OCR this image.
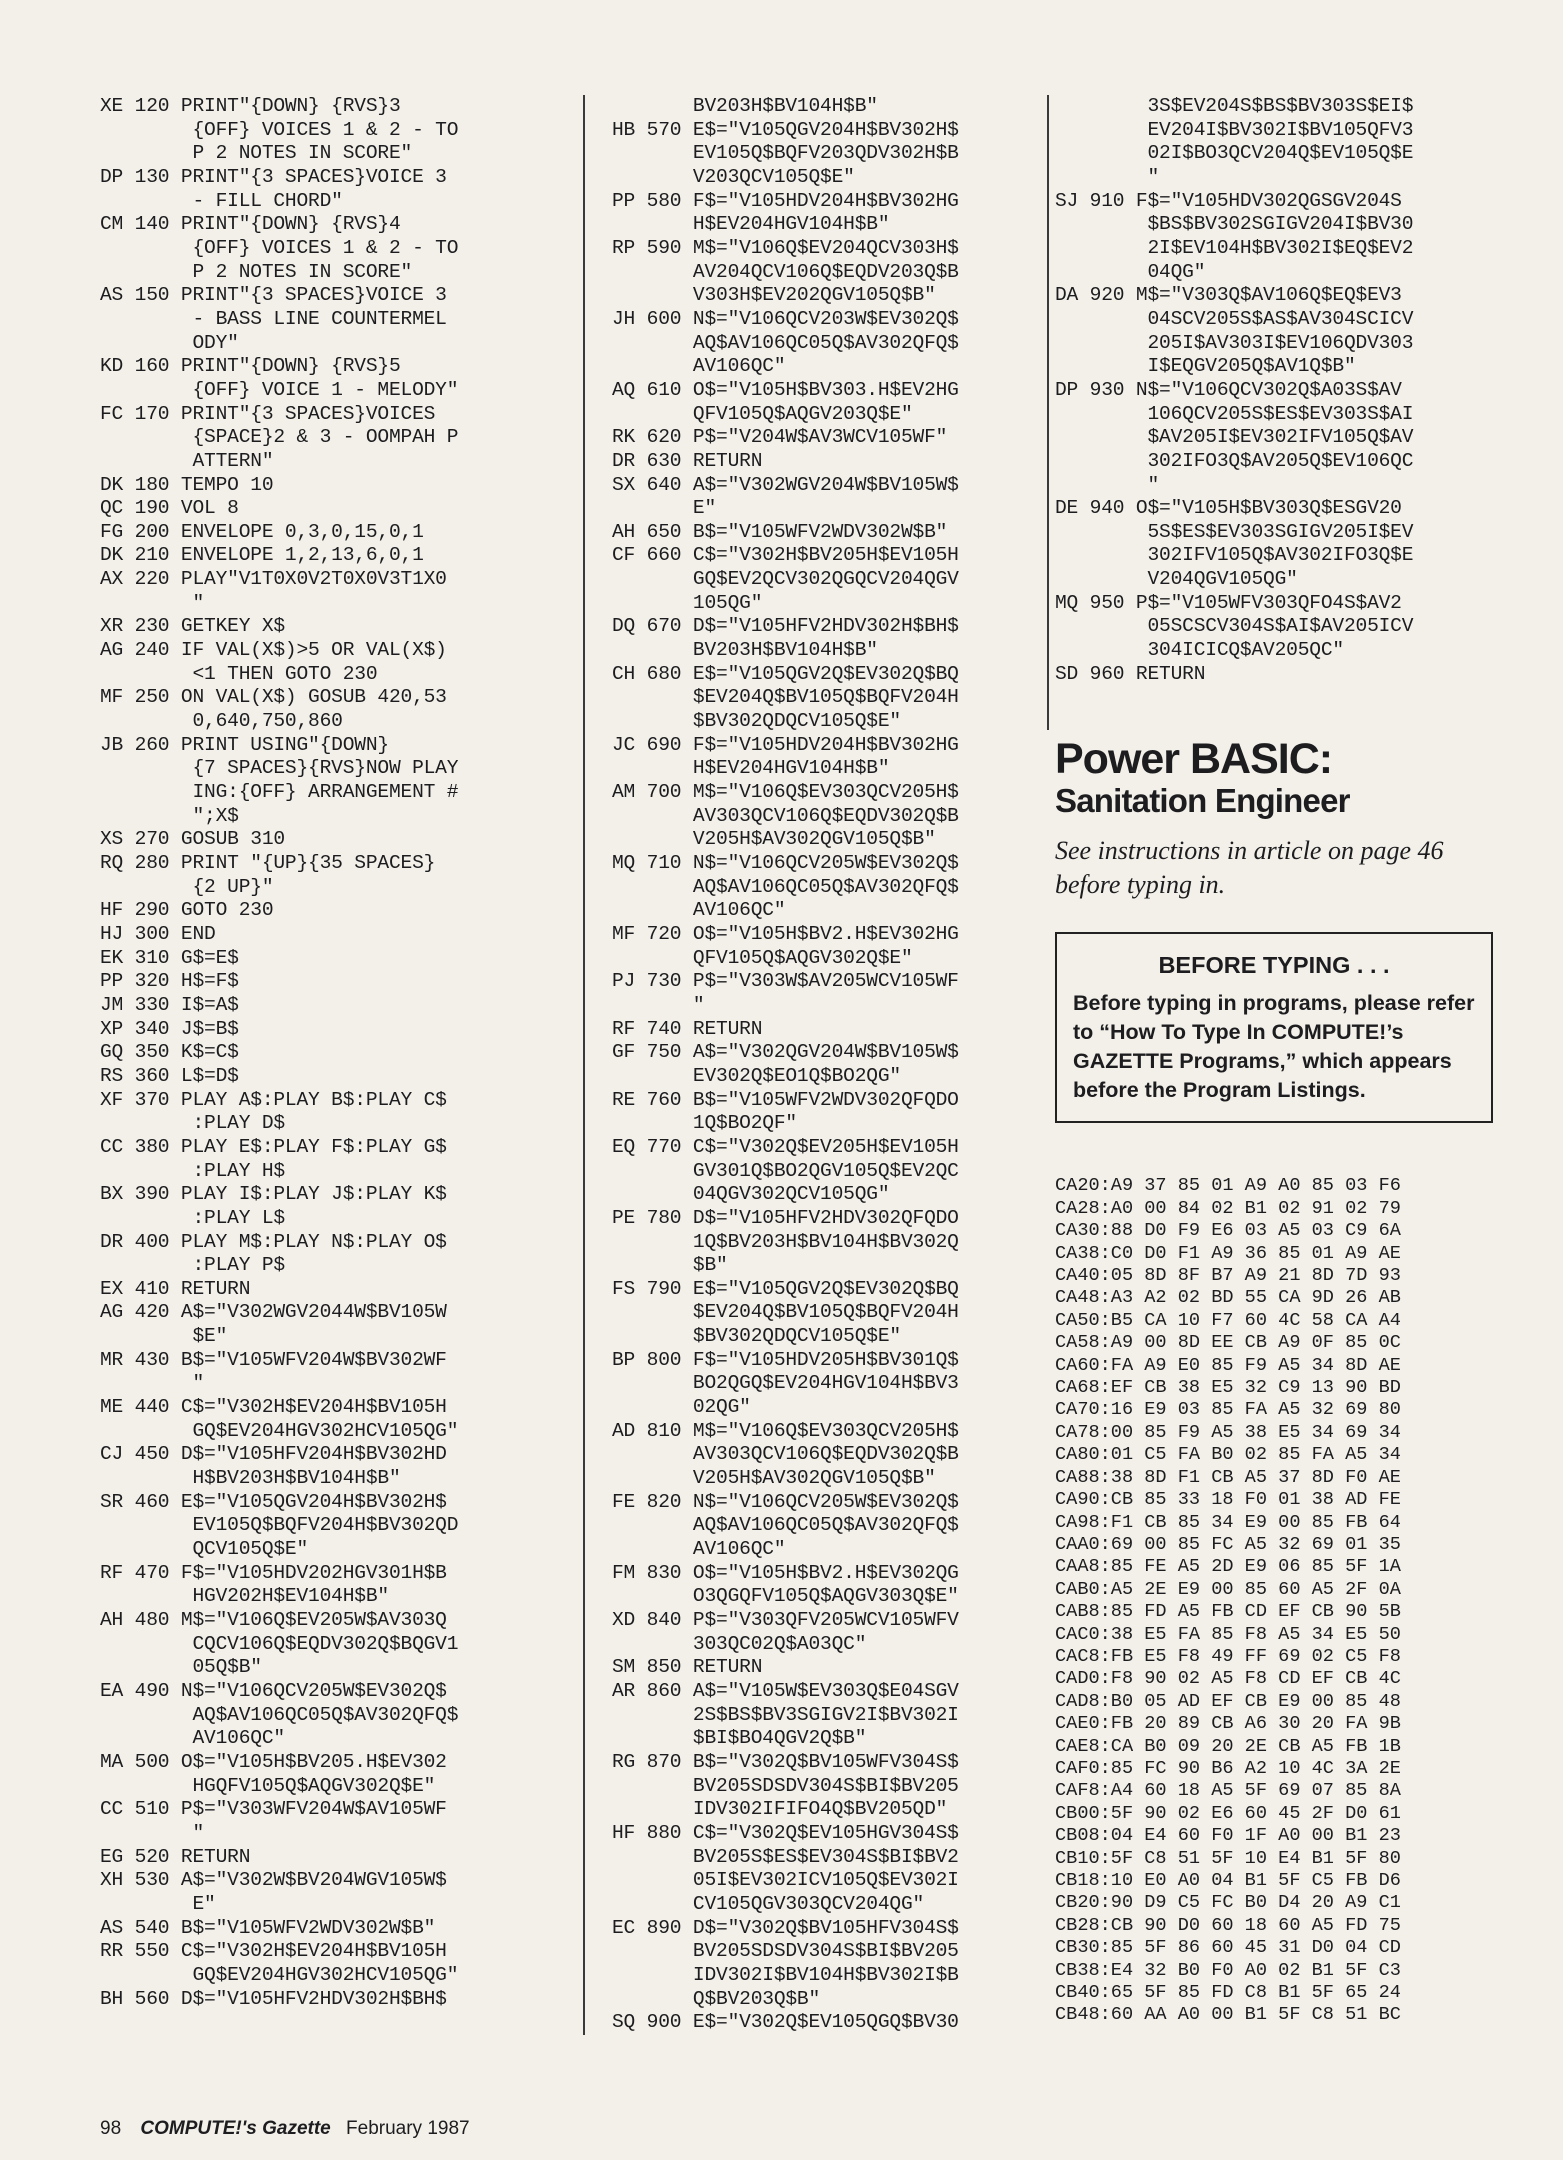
XE 120 PRINT"{DOWN} {RVS}3
{OFF} VOICES 1 & 2 - TO
P 2 NOTES IN SCORE"
DP 130 PRINT"{3 SPACES}VOICE 3
- FILL CHORD"
CM 140 PRINT"{DOWN} {RVS}4
{OFF} VOICES 1 & 2 - TO
P 2 NOTES IN SCORE"
AS 150 PRINT"{3 SPACES}VOICE 3
- BASS LINE COUNTERMEL
ODY"
KD 160 PRINT"{DOWN} {RVS}5
{OFF} VOICE 1 - MELODY"
FC 170 PRINT"{3 SPACES}VOICES
{SPACE}2 & 3 - OOMPAH P
ATTERN"
DK 180 TEMPO 10
QC 190 VOL 8
FG 200 ENVELOPE 0,3,0,15,0,1
DK 210 ENVELOPE 1,2,13,6,0,1
AX 220 PLAY"V1T0X0V2T0X0V3T1X0
"
XR 230 GETKEY X$
AG 240 IF VAL(X$)>5 OR VAL(X$)
<1 THEN GOTO 230
MF 250 ON VAL(X$) GOSUB 420,53
0,640,750,860
JB 260 PRINT USING"{DOWN}
{7 SPACES}{RVS}NOW PLAY
ING:{OFF} ARRANGEMENT #
";X$
XS 270 GOSUB 310
RQ 280 PRINT "{UP}{35 SPACES}
{2 UP}"
HF 290 GOTO 230
HJ 300 END
EK 310 G$=E$
PP 320 H$=F$
JM 330 I$=A$
XP 340 J$=B$
GQ 350 K$=C$
RS 360 L$=D$
XF 370 PLAY A$:PLAY B$:PLAY C$
:PLAY D$
CC 380 PLAY E$:PLAY F$:PLAY G$
:PLAY H$
BX 390 PLAY I$:PLAY J$:PLAY K$
:PLAY L$
DR 400 PLAY M$:PLAY N$:PLAY O$
:PLAY P$
EX 410 RETURN
AG 420 A$="V302WGV2044W$BV105W
$E"
MR 430 B$="V105WFV204W$BV302WF
"
ME 440 C$="V302H$EV204H$BV105H
GQ$EV204HGV302HCV105QG"
CJ 450 D$="V105HFV204H$BV302HD
H$BV203H$BV104H$B"
SR 460 E$="V105QGV204H$BV302H$
EV105Q$BQFV204H$BV302QD
QCV105Q$E"
RF 470 F$="V105HDV202HGV301H$B
HGV202H$EV104H$B"
AH 480 M$="V106Q$EV205W$AV303Q
CQCV106Q$EQDV302Q$BQGV1
05Q$B"
EA 490 N$="V106QCV205W$EV302Q$
AQ$AV106QC05Q$AV302QFQ$
AV106QC"
MA 500 O$="V105H$BV205.H$EV302
HGQFV105Q$AQGV302Q$E"
CC 510 P$="V303WFV204W$AV105WF
"
EG 520 RETURN
XH 530 A$="V302W$BV204WGV105W$
E"
AS 540 B$="V105WFV2WDV302W$B"
RR 550 C$="V302H$EV204H$BV105H
GQ$EV204HGV302HCV105QG"
BH 560 D$="V105HFV2HDV302H$BH$
BV203H$BV104H$B"
HB 570 E$="V105QGV204H$BV302H$
EV105Q$BQFV203QDV302H$B
V203QCV105Q$E"
PP 580 F$="V105HDV204H$BV302HG
H$EV204HGV104H$B"
RP 590 M$="V106Q$EV204QCV303H$
AV204QCV106Q$EQDV203Q$B
V303H$EV202QGV105Q$B"
JH 600 N$="V106QCV203W$EV302Q$
AQ$AV106QC05Q$AV302QFQ$
AV106QC"
AQ 610 O$="V105H$BV303.H$EV2HG
QFV105Q$AQGV203Q$E"
RK 620 P$="V204W$AV3WCV105WF"
DR 630 RETURN
SX 640 A$="V302WGV204W$BV105W$
E"
AH 650 B$="V105WFV2WDV302W$B"
CF 660 C$="V302H$BV205H$EV105H
GQ$EV2QCV302QGQCV204QGV
105QG"
DQ 670 D$="V105HFV2HDV302H$BH$
BV203H$BV104H$B"
CH 680 E$="V105QGV2Q$EV302Q$BQ
$EV204Q$BV105Q$BQFV204H
$BV302QDQCV105Q$E"
JC 690 F$="V105HDV204H$BV302HG
H$EV204HGV104H$B"
AM 700 M$="V106Q$EV303QCV205H$
AV303QCV106Q$EQDV302Q$B
V205H$AV302QGV105Q$B"
MQ 710 N$="V106QCV205W$EV302Q$
AQ$AV106QC05Q$AV302QFQ$
AV106QC"
MF 720 O$="V105H$BV2.H$EV302HG
QFV105Q$AQGV302Q$E"
PJ 730 P$="V303W$AV205WCV105WF
"
RF 740 RETURN
GF 750 A$="V302QGV204W$BV105W$
EV302Q$EO1Q$BO2QG"
RE 760 B$="V105WFV2WDV302QFQDO
1Q$BO2QF"
EQ 770 C$="V302Q$EV205H$EV105H
GV301Q$BO2QGV105Q$EV2QC
04QGV302QCV105QG"
PE 780 D$="V105HFV2HDV302QFQDO
1Q$BV203H$BV104H$BV302Q
$B"
FS 790 E$="V105QGV2Q$EV302Q$BQ
$EV204Q$BV105Q$BQFV204H
$BV302QDQCV105Q$E"
BP 800 F$="V105HDV205H$BV301Q$
BO2QGQ$EV204HGV104H$BV3
02QG"
AD 810 M$="V106Q$EV303QCV205H$
AV303QCV106Q$EQDV302Q$B
V205H$AV302QGV105Q$B"
FE 820 N$="V106QCV205W$EV302Q$
AQ$AV106QC05Q$AV302QFQ$
AV106QC"
FM 830 O$="V105H$BV2.H$EV302QG
O3QGQFV105Q$AQGV303Q$E"
XD 840 P$="V303QFV205WCV105WFV
303QC02Q$A03QC"
SM 850 RETURN
AR 860 A$="V105W$EV303Q$E04SGV
2S$BS$BV3SGIGV2I$BV302I
$BI$BO4QGV2Q$B"
RG 870 B$="V302Q$BV105WFV304S$
BV205SDSDV304S$BI$BV205
IDV302IFIFO4Q$BV205QD"
HF 880 C$="V302Q$EV105HGV304S$
BV205S$ES$EV304S$BI$BV2
05I$EV302ICV105Q$EV302I
CV105QGV303QCV204QG"
EC 890 D$="V302Q$BV105HFV304S$
BV205SDSDV304S$BI$BV205
IDV302I$BV104H$BV302I$B
Q$BV203Q$B"
SQ 900 E$="V302Q$EV105QGQ$BV30
3S$EV204S$BS$BV303S$EI$
EV204I$BV302I$BV105QFV3
02I$BO3QCV204Q$EV105Q$E
"
SJ 910 F$="V105HDV302QGSGV204S
$BS$BV302SGIGV204I$BV30
2I$EV104H$BV302I$EQ$EV2
04QG"
DA 920 M$="V303Q$AV106Q$EQ$EV3
04SCV205S$AS$AV304SCICV
205I$AV303I$EV106QDV303
I$EQGV205Q$AV1Q$B"
DP 930 N$="V106QCV302Q$A03S$AV
106QCV205S$ES$EV303S$AI
$AV205I$EV302IFV105Q$AV
302IFO3Q$AV205Q$EV106QC
"
DE 940 O$="V105H$BV303Q$ESGV20
5S$ES$EV303SGIGV205I$EV
302IFV105Q$AV302IFO3Q$E
V204QGV105QG"
MQ 950 P$="V105WFV303QFO4S$AV2
05SCSCV304S$AI$AV205ICV
304ICICQ$AV205QC"
SD 960 RETURN
Power BASIC:
Sanitation Engineer
See instructions in article on page 46 before typing in.
BEFORE TYPING . . .
Before typing in programs, please refer to “How To Type In COMPUTE!’s GAZETTE Programs,” which appears before the Program Listings.
CA20:A9 37 85 01 A9 A0 85 03 F6
CA28:A0 00 84 02 B1 02 91 02 79
CA30:88 D0 F9 E6 03 A5 03 C9 6A
CA38:C0 D0 F1 A9 36 85 01 A9 AE
CA40:05 8D 8F B7 A9 21 8D 7D 93
CA48:A3 A2 02 BD 55 CA 9D 26 AB
CA50:B5 CA 10 F7 60 4C 58 CA A4
CA58:A9 00 8D EE CB A9 0F 85 0C
CA60:FA A9 E0 85 F9 A5 34 8D AE
CA68:EF CB 38 E5 32 C9 13 90 BD
CA70:16 E9 03 85 FA A5 32 69 80
CA78:00 85 F9 A5 38 E5 34 69 34
CA80:01 C5 FA B0 02 85 FA A5 34
CA88:38 8D F1 CB A5 37 8D F0 AE
CA90:CB 85 33 18 F0 01 38 AD FE
CA98:F1 CB 85 34 E9 00 85 FB 64
CAA0:69 00 85 FC A5 32 69 01 35
CAA8:85 FE A5 2D E9 06 85 5F 1A
CAB0:A5 2E E9 00 85 60 A5 2F 0A
CAB8:85 FD A5 FB CD EF CB 90 5B
CAC0:38 E5 FA 85 F8 A5 34 E5 50
CAC8:FB E5 F8 49 FF 69 02 C5 F8
CAD0:F8 90 02 A5 F8 CD EF CB 4C
CAD8:B0 05 AD EF CB E9 00 85 48
CAE0:FB 20 89 CB A6 30 20 FA 9B
CAE8:CA B0 09 20 2E CB A5 FB 1B
CAF0:85 FC 90 B6 A2 10 4C 3A 2E
CAF8:A4 60 18 A5 5F 69 07 85 8A
CB00:5F 90 02 E6 60 45 2F D0 61
CB08:04 E4 60 F0 1F A0 00 B1 23
CB10:5F C8 51 5F 10 E4 B1 5F 80
CB18:10 E0 A0 04 B1 5F C5 FB D6
CB20:90 D9 C5 FC B0 D4 20 A9 C1
CB28:CB 90 D0 60 18 60 A5 FD 75
CB30:85 5F 86 60 45 31 D0 04 CD
CB38:E4 32 B0 F0 A0 02 B1 5F C3
CB40:65 5F 85 FD C8 B1 5F 65 24
CB48:60 AA A0 00 B1 5F C8 51 BC
98 COMPUTE!'s Gazette February 1987
